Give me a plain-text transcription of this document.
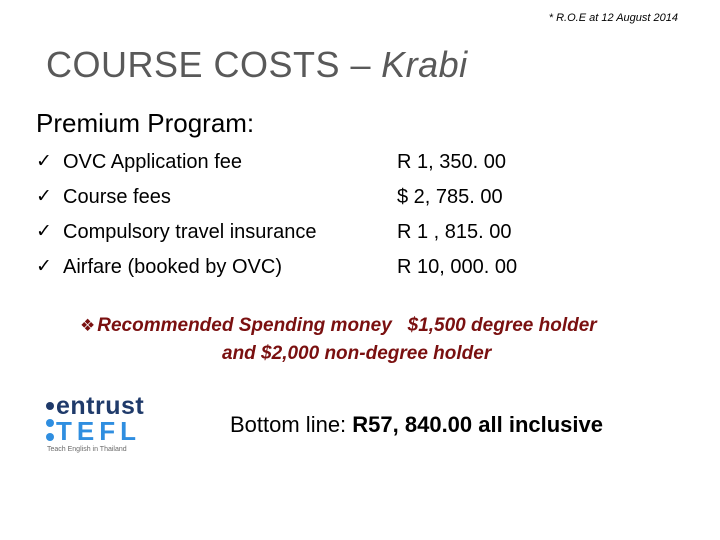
* R.O.E at 12 August 2014
COURSE COSTS – Krabi
Premium Program:
✓ OVC Application fee	R 1, 350. 00
✓ Course fees	$ 2, 785. 00
✓ Compulsory travel insurance	R 1 , 815. 00
✓ Airfare (booked by OVC)	R 10, 000. 00
❖ Recommended Spending money   $1,500 degree holder
and $2,000 non-degree holder
entrust
TEFL
Teach English in Thailand
Bottom line: R57, 840.00 all inclusive
